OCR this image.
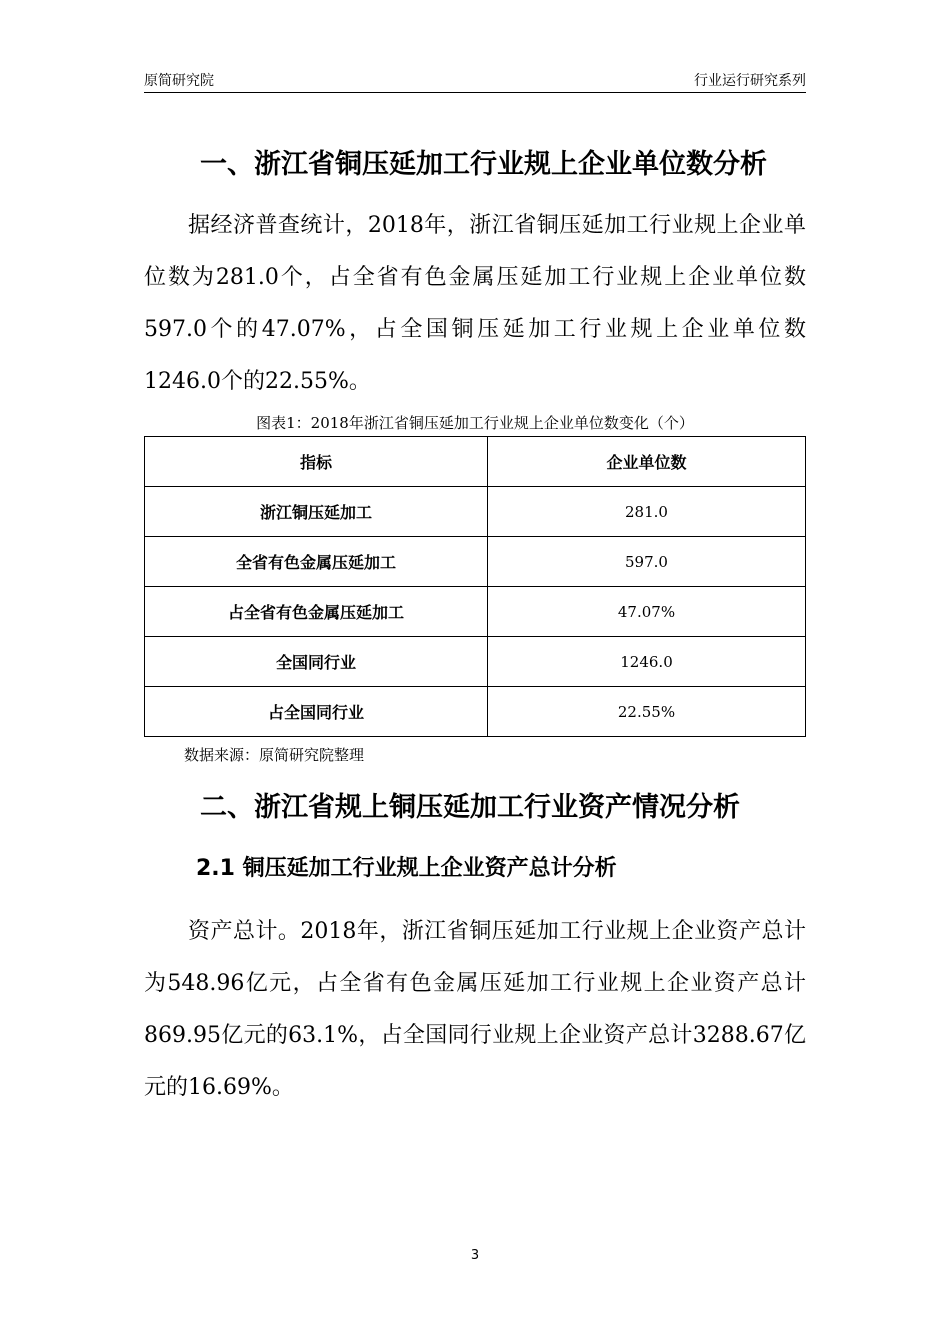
原简研究院	行业运行研究系列
一、浙江省铜压延加工行业规上企业单位数分析

据经济普查统计，2018年，浙江省铜压延加工行业规上企业单位数为281.0个，占全省有色金属压延加工行业规上企业单位数597.0个的47.07%，占全国铜压延加工行业规上企业单位数1246.0个的22.55%。

图表1：2018年浙江省铜压延加工行业规上企业单位数变化（个）
指标	企业单位数
浙江铜压延加工	281.0
全省有色金属压延加工	597.0
占全省有色金属压延加工	47.07%
全国同行业	1246.0
占全国同行业	22.55%
数据来源：原简研究院整理
二、浙江省规上铜压延加工行业资产情况分析
2.1 铜压延加工行业规上企业资产总计分析

资产总计。2018年，浙江省铜压延加工行业规上企业资产总计为548.96亿元，占全省有色金属压延加工行业规上企业资产总计869.95亿元的63.1%，占全国同行业规上企业资产总计3288.67亿元的16.69%。

3
